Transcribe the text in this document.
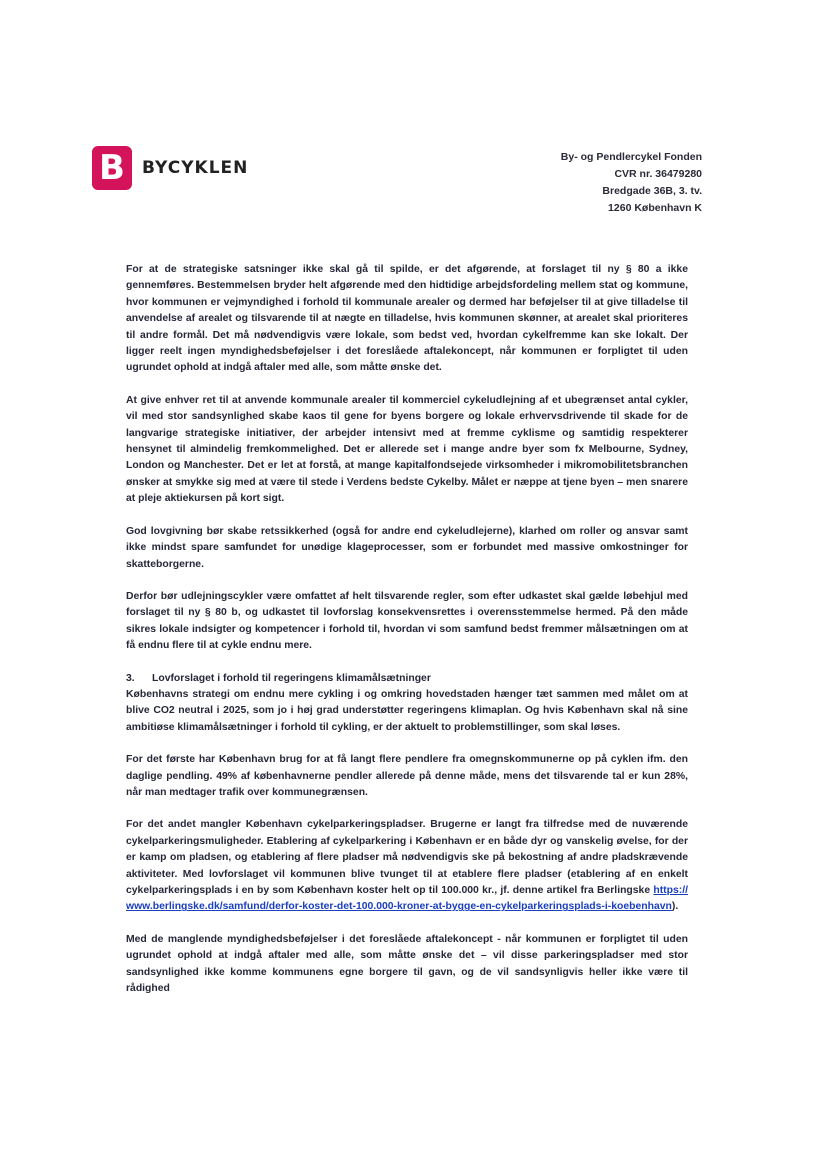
B BYCYKLEN
By- og Pendlercykel Fonden
CVR nr. 36479280
Bredgade 36B, 3. tv.
1260 København K

For at de strategiske satsninger ikke skal gå til spilde, er det afgørende, at forslaget til ny § 80 a ikke gennemføres. Bestemmelsen bryder helt afgørende med den hidtidige arbejdsfordeling mellem stat og kommune, hvor kommunen er vejmyndighed i forhold til kommunale arealer og dermed har beføjelser til at give tilladelse til anvendelse af arealet og tilsvarende til at nægte en tilladelse, hvis kommunen skønner, at arealet skal prioriteres til andre formål. Det må nødvendigvis være lokale, som bedst ved, hvordan cykelfremme kan ske lokalt. Der ligger reelt ingen myndighedsbeføjelser i det foreslåede aftalekoncept, når kommunen er forpligtet til uden ugrundet ophold at indgå aftaler med alle, som måtte ønske det.

At give enhver ret til at anvende kommunale arealer til kommerciel cykeludlejning af et ubegrænset antal cykler, vil med stor sandsynlighed skabe kaos til gene for byens borgere og lokale erhvervsdrivende til skade for de langvarige strategiske initiativer, der arbejder intensivt med at fremme cyklisme og samtidig respekterer hensynet til almindelig fremkommelighed. Det er allerede set i mange andre byer som fx Melbourne, Sydney, London og Manchester. Det er let at forstå, at mange kapitalfondsejede virksomheder i mikromobilitetsbranchen ønsker at smykke sig med at være til stede i Verdens bedste Cykelby. Målet er næppe at tjene byen – men snarere at pleje aktiekursen på kort sigt.

God lovgivning bør skabe retssikkerhed (også for andre end cykeludlejerne), klarhed om roller og ansvar samt ikke mindst spare samfundet for unødige klageprocesser, som er forbundet med massive omkostninger for skatteborgerne.

Derfor bør udlejningscykler være omfattet af helt tilsvarende regler, som efter udkastet skal gælde løbehjul med forslaget til ny § 80 b, og udkastet til lovforslag konsekvensrettes i overensstemmelse hermed. På den måde sikres lokale indsigter og kompetencer i forhold til, hvordan vi som samfund bedst fremmer målsætningen om at få endnu flere til at cykle endnu mere.

3.	Lovforslaget i forhold til regeringens klimamålsætninger

Københavns strategi om endnu mere cykling i og omkring hovedstaden hænger tæt sammen med målet om at blive CO2 neutral i 2025, som jo i høj grad understøtter regeringens klimaplan. Og hvis København skal nå sine ambitiøse klimamålsætninger i forhold til cykling, er der aktuelt to problemstillinger, som skal løses.

For det første har København brug for at få langt flere pendlere fra omegnskommunerne op på cyklen ifm. den daglige pendling. 49% af københavnerne pendler allerede på denne måde, mens det tilsvarende tal er kun 28%, når man medtager trafik over kommunegrænsen.

For det andet mangler København cykelparkeringspladser. Brugerne er langt fra tilfredse med de nuværende cykelparkeringsmuligheder. Etablering af cykelparkering i København er en både dyr og vanskelig øvelse, for der er kamp om pladsen, og etablering af flere pladser må nødvendigvis ske på bekostning af andre pladskrævende aktiviteter. Med lovforslaget vil kommunen blive tvunget til at etablere flere pladser (etablering af en enkelt cykelparkeringsplads i en by som København koster helt op til 100.000 kr., jf. denne artikel fra Berlingske https://www.berlingske.dk/samfund/derfor-koster-det-100.000-kroner-at-bygge-en-cykelparkeringsplads-i-koebenhavn).

Med de manglende myndighedsbeføjelser i det foreslåede aftalekoncept - når kommunen er forpligtet til uden ugrundet ophold at indgå aftaler med alle, som måtte ønske det – vil disse parkeringspladser med stor sandsynlighed ikke komme kommunens egne borgere til gavn, og de vil sandsynligvis heller ikke være til rådighed
